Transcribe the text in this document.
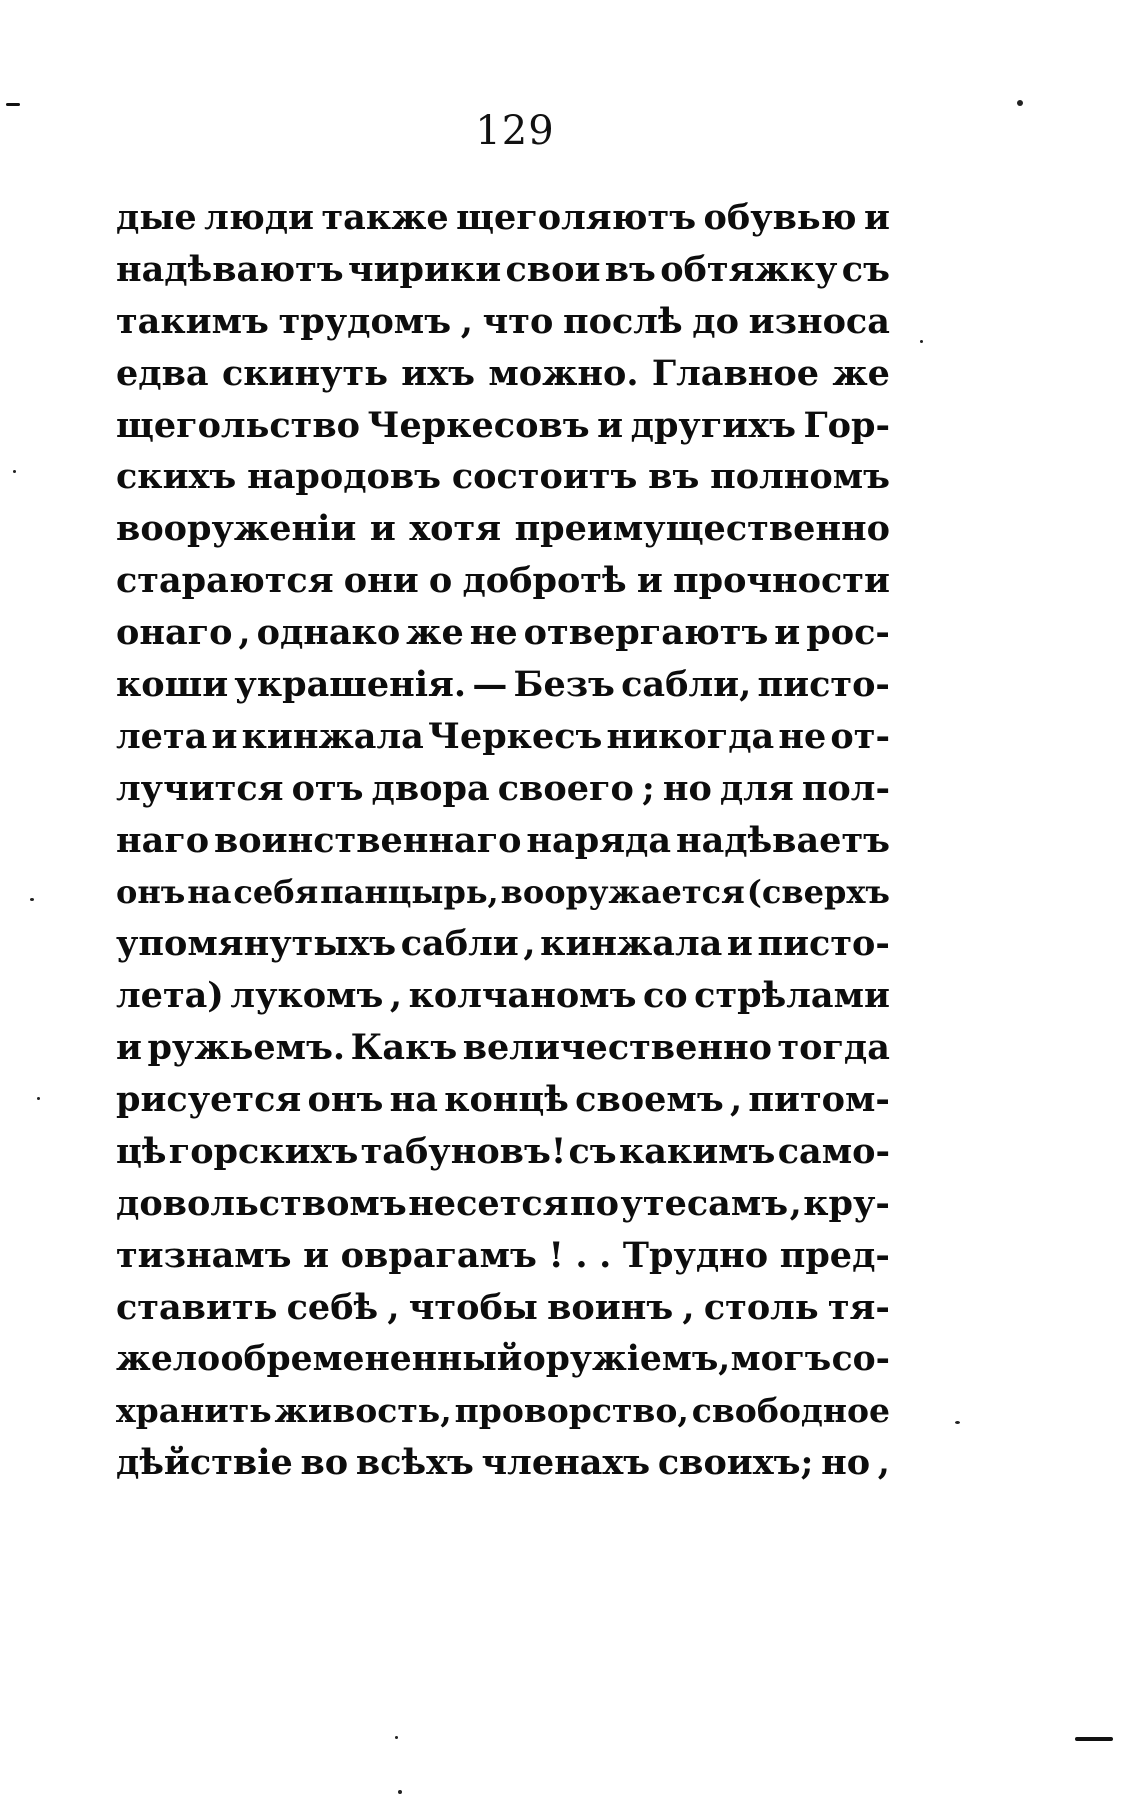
129
дые люди также щеголяютъ обувью и
надѣваютъ чирики свои въ обтяжку съ
такимъ трудомъ , что послѣ до износа
едва скинуть ихъ можно. Главное же
щегольство Черкесовъ и другихъ Гор-
скихъ народовъ состоитъ въ полномъ
вооруженіи и хотя преимущественно
стараются они о добротѣ и прочности
онаго , однако же не отвергаютъ и рос-
коши украшенія. — Безъ сабли, писто-
лета и кинжала Черкесъ никогда не от-
лучится отъ двора своего ; но для пол-
наго воинственнаго наряда надѣваетъ
онъ на себя панцырь, вооружается (сверхъ
упомянутыхъ сабли , кинжала и писто-
лета) лукомъ , колчаномъ со стрѣлами
и ружьемъ. Какъ величественно тогда
рисуется онъ на концѣ своемъ , питом-
цѣ горскихъ табуновъ! съ какимъ само-
довольствомъ несется по утесамъ , кру-
тизнамъ и оврагамъ ! . . Трудно пред-
ставить себѣ , чтобы воинъ , столь тя-
жело обремененный оружіемъ, могъ со-
хранить живость, проворство, свободное
дѣйствіе во всѣхъ членахъ своихъ; но ,
